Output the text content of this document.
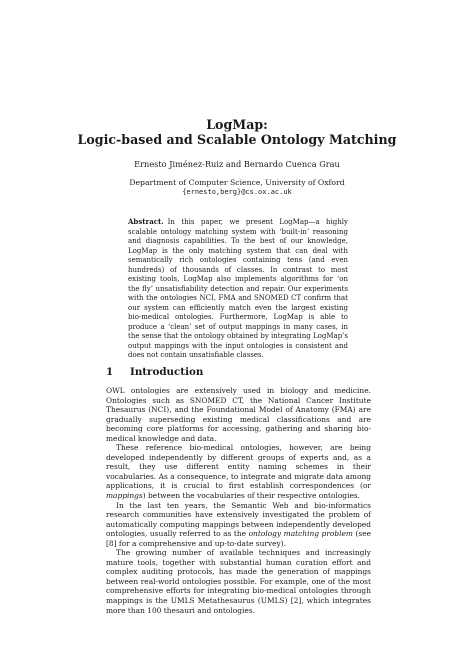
LogMap:
Logic-based and Scalable Ontology Matching
Ernesto Jiménez-Ruiz and Bernardo Cuenca Grau
Department of Computer Science, University of Oxford
{ernesto,berg}@cs.ox.ac.uk

Abstract. In this paper, we present LogMap—a highly scalable ontology matching system with ‘built-in’ reasoning and diagnosis capabilities. To the best of our knowledge, LogMap is the only matching system that can deal with semantically rich ontologies containing tens (and even hundreds) of thousands of classes. In contrast to most existing tools, LogMap also implements algorithms for ‘on the fly’ unsatisfiability detection and repair. Our experiments with the ontologies NCI, FMA and SNOMED CT confirm that our system can efficiently match even the largest existing bio-medical ontologies. Furthermore, LogMap is able to produce a ‘clean’ set of output mappings in many cases, in the sense that the ontology obtained by integrating LogMap’s output mappings with the input ontologies is consistent and does not contain unsatisfiable classes.

1 Introduction

OWL ontologies are extensively used in biology and medicine. Ontologies such as SNOMED CT, the National Cancer Institute Thesaurus (NCI), and the Foundational Model of Anatomy (FMA) are gradually superseding existing medical classifications and are becoming core platforms for accessing, gathering and sharing bio-medical knowledge and data.

These reference bio-medical ontologies, however, are being developed independently by different groups of experts and, as a result, they use different entity naming schemes in their vocabularies. As a consequence, to integrate and migrate data among applications, it is crucial to first establish correspondences (or mappings) between the vocabularies of their respective ontologies.

In the last ten years, the Semantic Web and bio-informatics research communities have extensively investigated the problem of automatically computing mappings between independently developed ontologies, usually referred to as the ontology matching problem (see [8] for a comprehensive and up-to-date survey).

The growing number of available techniques and increasingly mature tools, together with substantial human curation effort and complex auditing protocols, has made the generation of mappings between real-world ontologies possible. For example, one of the most comprehensive efforts for integrating bio-medical ontologies through mappings is the UMLS Metathesaurus (UMLS) [2], which integrates more than 100 thesauri and ontologies.
